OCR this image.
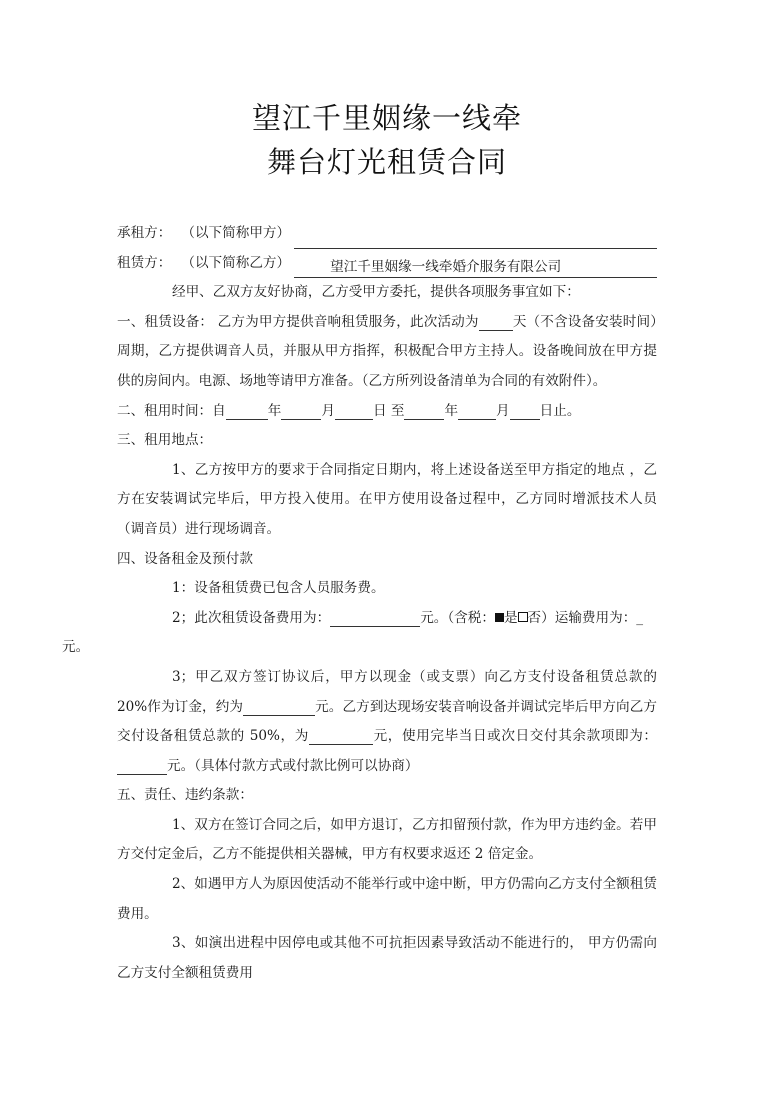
望江千里姻缘一线牵
舞台灯光租赁合同

承租方： （以下简称甲方）

租赁方： （以下简称乙方）	望江千里姻缘一线牵婚介服务有限公司

经甲、乙双方友好协商，乙方受甲方委托，提供各项服务事宜如下：

一、租赁设备： 乙方为甲方提供音响租赁服务，此次活动为	天（不含设备安装时间）周期，乙方提供调音人员，并服从甲方指挥，积极配合甲方主持人。设备晚间放在甲方提供的房间内。电源、场地等请甲方准备。（乙方所列设备清单为合同的有效附件）。

二、租用时间：自	年	月	日 至	年	月 日止。

三、租用地点：

1、乙方按甲方的要求于合同指定日期内，将上述设备送至甲方指定的地点 ，乙方在安装调试完毕后，甲方投入使用。在甲方使用设备过程中，乙方同时增派技术人员（调音员）进行现场调音。

四、设备租金及预付款

1：设备租赁费已包含人员服务费。

2；此次租赁设备费用为：	元。（含税： 是 否）运输费用为：_
元。

3；甲乙双方签订协议后，甲方以现金（或支票）向乙方支付设备租赁总款的 20%作为订金，约为	元。乙方到达现场安装音响设备并调试完毕后甲方向乙方交付设备租赁总款的 50%，为	元，使用完毕当日或次日交付其余款项即为：元。（具体付款方式或付款比例可以协商）

五、责任、违约条款：

1、双方在签订合同之后，如甲方退订，乙方扣留预付款，作为甲方违约金。若甲方交付定金后，乙方不能提供相关器械，甲方有权要求返还 2 倍定金。

2、如遇甲方人为原因使活动不能举行或中途中断，甲方仍需向乙方支付全额租赁费用。

3、如演出进程中因停电或其他不可抗拒因素导致活动不能进行的， 甲方仍需向乙方支付全额租赁费用
